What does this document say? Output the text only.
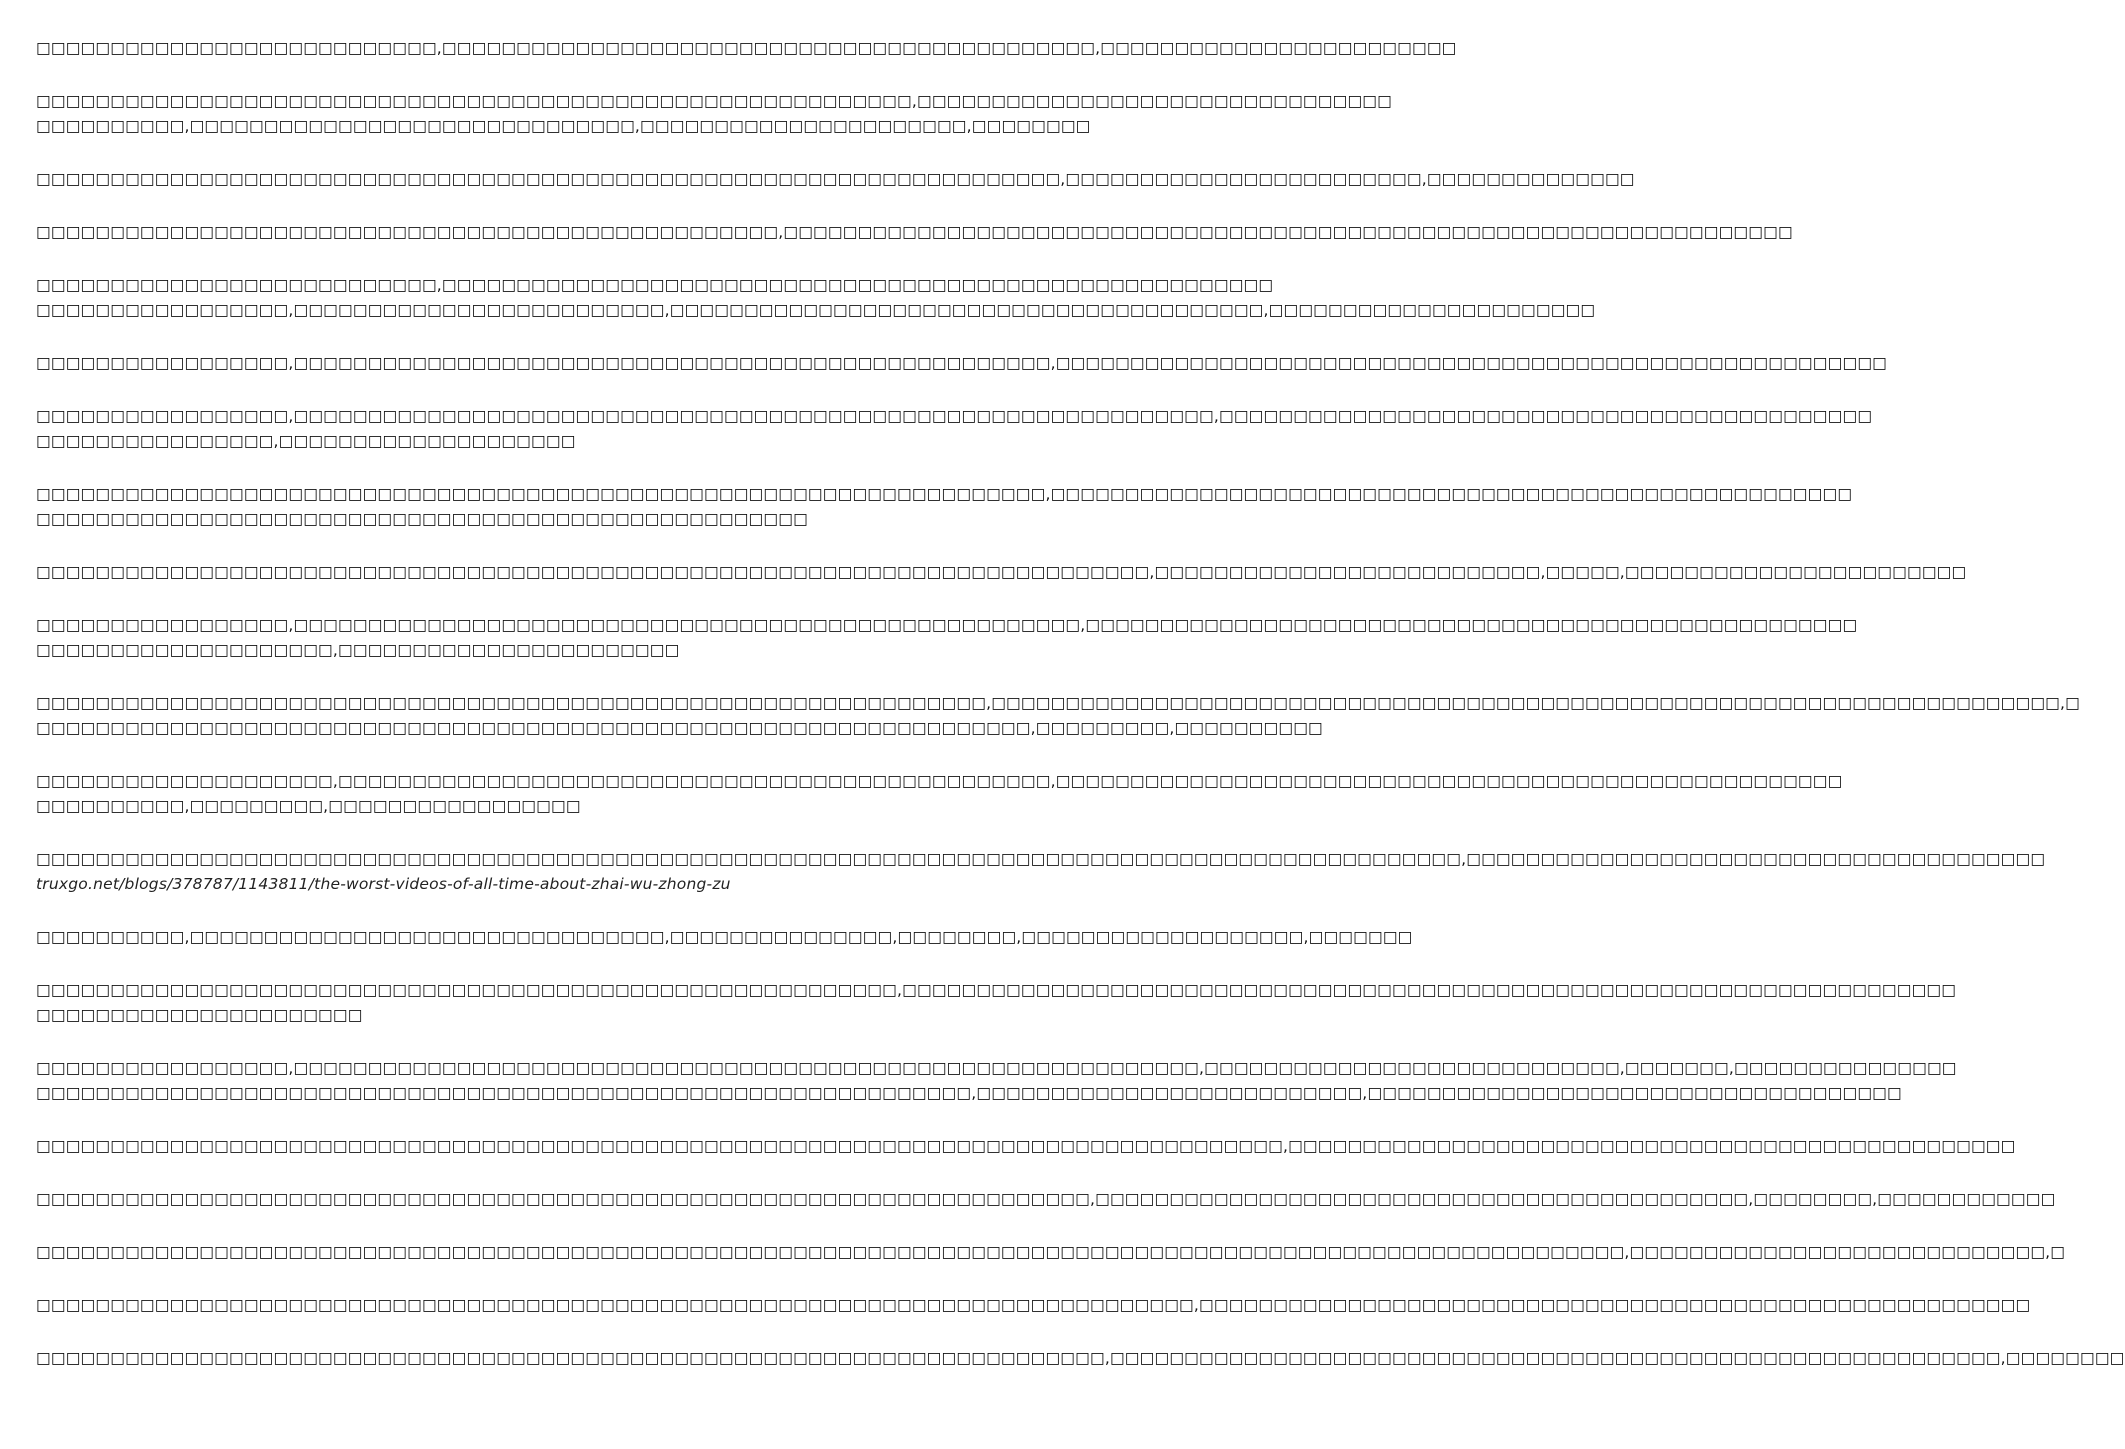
□□□□□□□□□□□□□□□□□□□□□□□□□□□,□□□□□□□□□□□□□□□□□□□□□□□□□□□□□□□□□□□□□□□□□□□□,□□□□□□□□□□□□□□□□□□□□□□□□

□□□□□□□□□□□□□□□□□□□□□□□□□□□□□□□□□□□□□□□□□□□□□□□□□□□□□□□□□□□,□□□□□□□□□□□□□□□□□□□□□□□□□□□□□□□□
□□□□□□□□□□,□□□□□□□□□□□□□□□□□□□□□□□□□□□□□□,□□□□□□□□□□□□□□□□□□□□□□,□□□□□□□□

□□□□□□□□□□□□□□□□□□□□□□□□□□□□□□□□□□□□□□□□□□□□□□□□□□□□□□□□□□□□□□□□□□□□□,□□□□□□□□□□□□□□□□□□□□□□□□,□□□□□□□□□□□□□□

□□□□□□□□□□□□□□□□□□□□□□□□□□□□□□□□□□□□□□□□□□□□□□□□□□,□□□□□□□□□□□□□□□□□□□□□□□□□□□□□□□□□□□□□□□□□□□□□□□□□□□□□□□□□□□□□□□□□□□□

□□□□□□□□□□□□□□□□□□□□□□□□□□□,□□□□□□□□□□□□□□□□□□□□□□□□□□□□□□□□□□□□□□□□□□□□□□□□□□□□□□□□
□□□□□□□□□□□□□□□□□,□□□□□□□□□□□□□□□□□□□□□□□□□,□□□□□□□□□□□□□□□□□□□□□□□□□□□□□□□□□□□□□□□□,□□□□□□□□□□□□□□□□□□□□□□

□□□□□□□□□□□□□□□□□,□□□□□□□□□□□□□□□□□□□□□□□□□□□□□□□□□□□□□□□□□□□□□□□□□□□,□□□□□□□□□□□□□□□□□□□□□□□□□□□□□□□□□□□□□□□□□□□□□□□□□□□□□□□□

□□□□□□□□□□□□□□□□□,□□□□□□□□□□□□□□□□□□□□□□□□□□□□□□□□□□□□□□□□□□□□□□□□□□□□□□□□□□□□□□,□□□□□□□□□□□□□□□□□□□□□□□□□□□□□□□□□□□□□□□□□□□□
□□□□□□□□□□□□□□□□,□□□□□□□□□□□□□□□□□□□□

□□□□□□□□□□□□□□□□□□□□□□□□□□□□□□□□□□□□□□□□□□□□□□□□□□□□□□□□□□□□□□□□□□□□,□□□□□□□□□□□□□□□□□□□□□□□□□□□□□□□□□□□□□□□□□□□□□□□□□□□□□□
□□□□□□□□□□□□□□□□□□□□□□□□□□□□□□□□□□□□□□□□□□□□□□□□□□□□

□□□□□□□□□□□□□□□□□□□□□□□□□□□□□□□□□□□□□□□□□□□□□□□□□□□□□□□□□□□□□□□□□□□□□□□□□□□,□□□□□□□□□□□□□□□□□□□□□□□□□□,□□□□□,□□□□□□□□□□□□□□□□□□□□□□□

□□□□□□□□□□□□□□□□□,□□□□□□□□□□□□□□□□□□□□□□□□□□□□□□□□□□□□□□□□□□□□□□□□□□□□□,□□□□□□□□□□□□□□□□□□□□□□□□□□□□□□□□□□□□□□□□□□□□□□□□□□□□
□□□□□□□□□□□□□□□□□□□□,□□□□□□□□□□□□□□□□□□□□□□□

□□□□□□□□□□□□□□□□□□□□□□□□□□□□□□□□□□□□□□□□□□□□□□□□□□□□□□□□□□□□□□□□,□□□□□□□□□□□□□□□□□□□□□□□□□□□□□□□□□□□□□□□□□□□□□□□□□□□□□□□□□□□□□□□□□□□□□□□□,□
□□□□□□□□□□□□□□□□□□□□□□□□□□□□□□□□□□□□□□□□□□□□□□□□□□□□□□□□□□□□□□□□□□□,□□□□□□□□□,□□□□□□□□□□

□□□□□□□□□□□□□□□□□□□□,□□□□□□□□□□□□□□□□□□□□□□□□□□□□□□□□□□□□□□□□□□□□□□□□,□□□□□□□□□□□□□□□□□□□□□□□□□□□□□□□□□□□□□□□□□□□□□□□□□□□□□
□□□□□□□□□□,□□□□□□□□□,□□□□□□□□□□□□□□□□□

□□□□□□□□□□□□□□□□□□□□□□□□□□□□□□□□□□□□□□□□□□□□□□□□□□□□□□□□□□□□□□□□□□□□□□□□□□□□□□□□□□□□□□□□□□□□□□□□,□□□□□□□□□□□□□□□□□□□□□□□□□□□□□□□□□□□□□□□
truxgo.net/blogs/378787/1143811/the-worst-videos-of-all-time-about-zhai-wu-zhong-zu

□□□□□□□□□□,□□□□□□□□□□□□□□□□□□□□□□□□□□□□□□□□,□□□□□□□□□□□□□□□,□□□□□□□□,□□□□□□□□□□□□□□□□□□□,□□□□□□□

□□□□□□□□□□□□□□□□□□□□□□□□□□□□□□□□□□□□□□□□□□□□□□□□□□□□□□□□□□,□□□□□□□□□□□□□□□□□□□□□□□□□□□□□□□□□□□□□□□□□□□□□□□□□□□□□□□□□□□□□□□□□□□□□□□
□□□□□□□□□□□□□□□□□□□□□□

□□□□□□□□□□□□□□□□□,□□□□□□□□□□□□□□□□□□□□□□□□□□□□□□□□□□□□□□□□□□□□□□□□□□□□□□□□□□□□□,□□□□□□□□□□□□□□□□□□□□□□□□□□□□,□□□□□□□,□□□□□□□□□□□□□□□
□□□□□□□□□□□□□□□□□□□□□□□□□□□□□□□□□□□□□□□□□□□□□□□□□□□□□□□□□□□□□□□,□□□□□□□□□□□□□□□□□□□□□□□□□□,□□□□□□□□□□□□□□□□□□□□□□□□□□□□□□□□□□□□

□□□□□□□□□□□□□□□□□□□□□□□□□□□□□□□□□□□□□□□□□□□□□□□□□□□□□□□□□□□□□□□□□□□□□□□□□□□□□□□□□□□□,□□□□□□□□□□□□□□□□□□□□□□□□□□□□□□□□□□□□□□□□□□□□□□□□□

□□□□□□□□□□□□□□□□□□□□□□□□□□□□□□□□□□□□□□□□□□□□□□□□□□□□□□□□□□□□□□□□□□□□□□□,□□□□□□□□□□□□□□□□□□□□□□□□□□□□□□□□□□□□□□□□□□□□,□□□□□□□□,□□□□□□□□□□□□

□□□□□□□□□□□□□□□□□□□□□□□□□□□□□□□□□□□□□□□□□□□□□□□□□□□□□□□□□□□□□□□□□□□□□□□□□□□□□□□□□□□□□□□□□□□□□□□□□□□□□□□□□□□,□□□□□□□□□□□□□□□□□□□□□□□□□□□□,□

□□□□□□□□□□□□□□□□□□□□□□□□□□□□□□□□□□□□□□□□□□□□□□□□□□□□□□□□□□□□□□□□□□□□□□□□□□□□□□,□□□□□□□□□□□□□□□□□□□□□□□□□□□□□□□□□□□□□□□□□□□□□□□□□□□□□□□□

□□□□□□□□□□□□□□□□□□□□□□□□□□□□□□□□□□□□□□□□□□□□□□□□□□□□□□□□□□□□□□□□□□□□□□□□,□□□□□□□□□□□□□□□□□□□□□□□□□□□□□□□□□□□□□□□□□□□□□□□□□□□□□□□□□□□□,□□□□□□□□
